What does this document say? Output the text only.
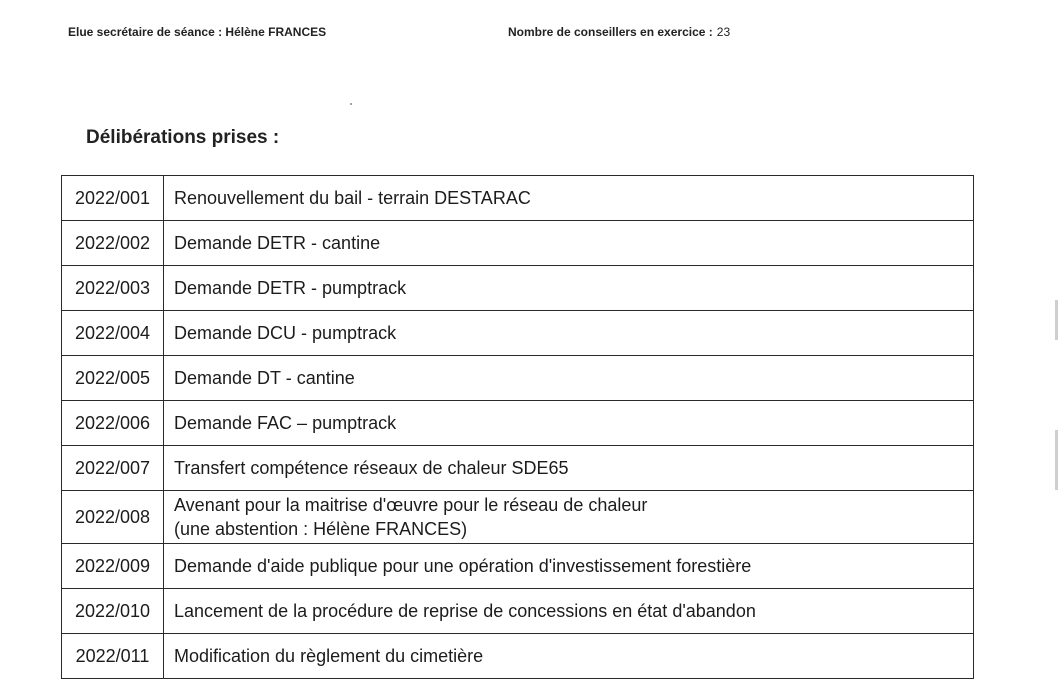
Elue secrétaire de séance : Hélène FRANCES	Nombre de conseillers en exercice : 23
Délibérations prises :
2022/001	Renouvellement du bail - terrain DESTARAC

2022/002	Demande DETR - cantine

2022/003	Demande DETR - pumptrack

2022/004	Demande DCU - pumptrack

2022/005	Demande DT - cantine

2022/006	Demande FAC – pumptrack

2022/007	Transfert compétence réseaux de chaleur SDE65

2022/008	Avenant pour la maitrise d'œuvre pour le réseau de chaleur
(une abstention : Hélène FRANCES)

2022/009	Demande d'aide publique pour une opération d'investissement forestière

2022/010	Lancement de la procédure de reprise de concessions en état d'abandon

2022/011	Modification du règlement du cimetière
